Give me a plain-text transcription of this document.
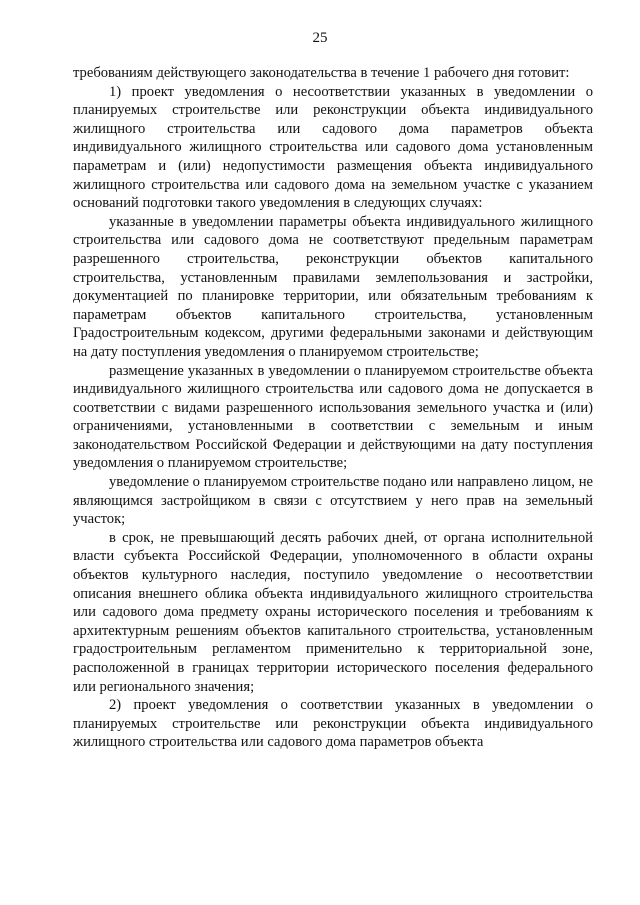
25

требованиям действующего законодательства в течение 1 рабочего дня готовит:

1) проект уведомления о несоответствии указанных в уведомлении о планируемых строительстве или реконструкции объекта индивидуального жилищного строительства или садового дома параметров объекта индивидуального жилищного строительства или садового дома установленным параметрам и (или) недопустимости размещения объекта индивидуального жилищного строительства или садового дома на земельном участке с указанием оснований подготовки такого уведомления в следующих случаях:

указанные в уведомлении параметры объекта индивидуального жилищного строительства или садового дома не соответствуют предельным параметрам разрешенного строительства, реконструкции объектов капитального строительства, установленным правилами землепользования и застройки, документацией по планировке территории, или обязательным требованиям к параметрам объектов капитального строительства, установленным Градостроительным кодексом, другими федеральными законами и действующим на дату поступления уведомления о планируемом строительстве;

размещение указанных в уведомлении о планируемом строительстве объекта индивидуального жилищного строительства или садового дома не допускается в соответствии с видами разрешенного использования земельного участка и (или) ограничениями, установленными в соответствии с земельным и иным законодательством Российской Федерации и действующими на дату поступления уведомления о планируемом строительстве;

уведомление о планируемом строительстве подано или направлено лицом, не являющимся застройщиком в связи с отсутствием у него прав на земельный участок;

в срок, не превышающий десять рабочих дней, от органа исполнительной власти субъекта Российской Федерации, уполномоченного в области охраны объектов культурного наследия, поступило уведомление о несоответствии описания внешнего облика объекта индивидуального жилищного строительства или садового дома предмету охраны исторического поселения и требованиям к архитектурным решениям объектов капитального строительства, установленным градостроительным регламентом применительно к территориальной зоне, расположенной в границах территории исторического поселения федерального или регионального значения;

2) проект уведомления о соответствии указанных в уведомлении о планируемых строительстве или реконструкции объекта индивидуального жилищного строительства или садового дома параметров объекта
